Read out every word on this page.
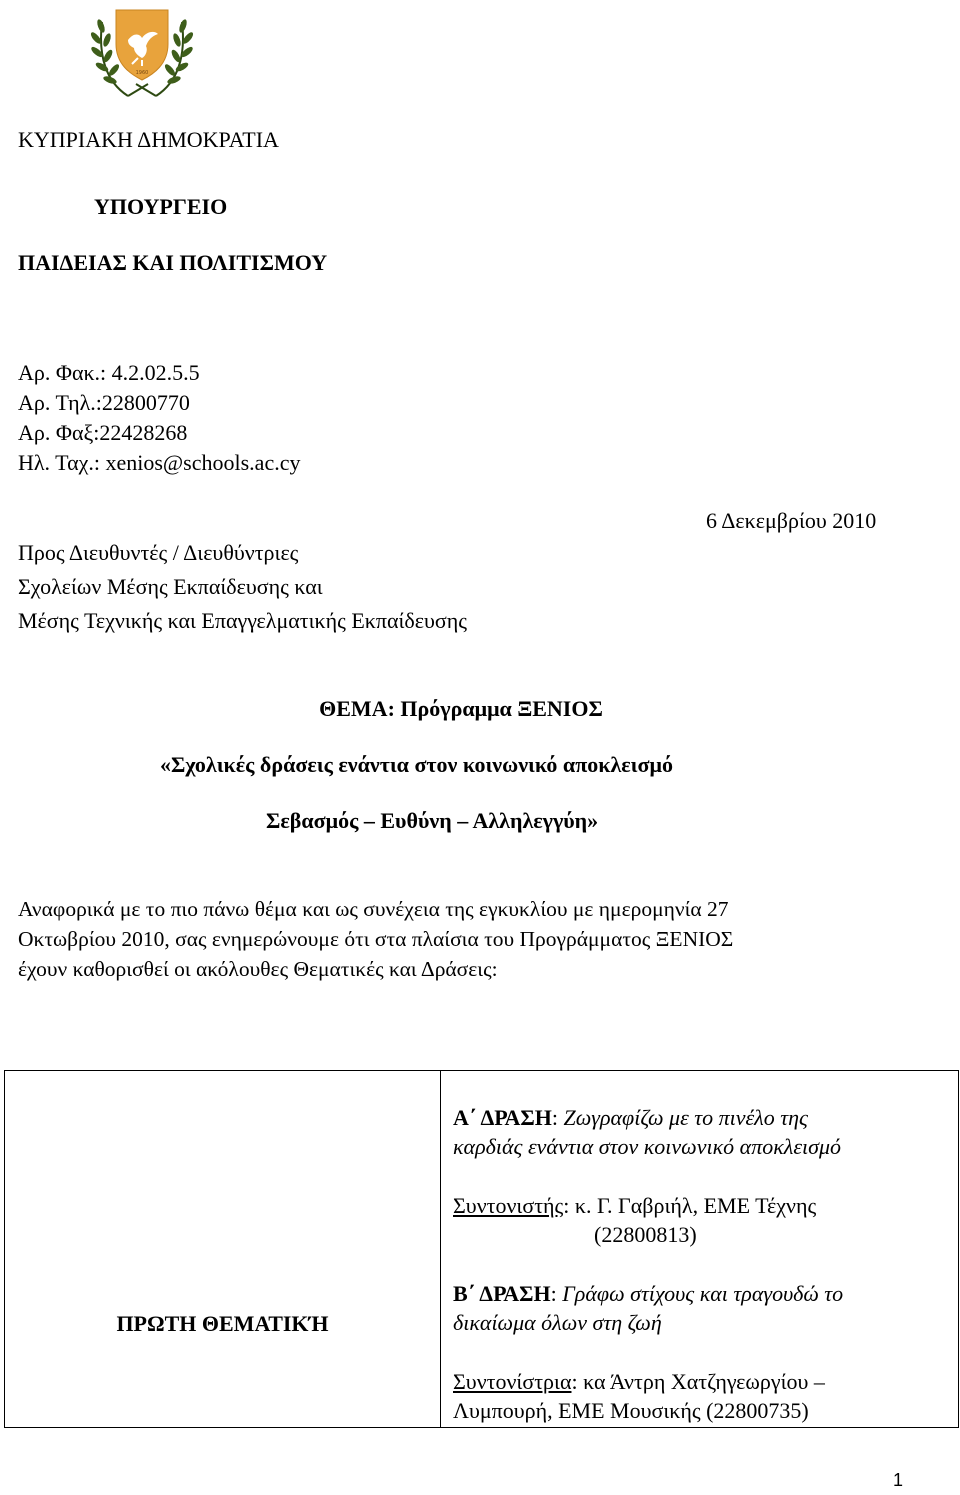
1960
ΚΥΠΡΙΑΚΗ ΔΗΜΟΚΡΑΤΙΑ
ΥΠΟΥΡΓΕΙΟ
ΠΑΙΔΕΙΑΣ ΚΑΙ ΠΟΛΙΤΙΣΜΟΥ
Αρ. Φακ.: 4.2.02.5.5
Αρ. Τηλ.:22800770
Αρ. Φαξ:22428268
Ηλ. Ταχ.: xenios@schools.ac.cy
6 Δεκεμβρίου 2010
Προς Διευθυντές / Διευθύντριες
Σχολείων Μέσης Εκπαίδευσης και
Μέσης Τεχνικής και Επαγγελματικής Εκπαίδευσης
ΘΕΜΑ: Πρόγραμμα ΞΕΝΙΟΣ
«Σχολικές δράσεις ενάντια στον κοινωνικό αποκλεισμό
Σεβασμός – Ευθύνη – Αλληλεγγύη»
Αναφορικά με το πιο πάνω θέμα και ως συνέχεια της εγκυκλίου με ημερομηνία 27
Οκτωβρίου 2010, σας ενημερώνουμε ότι στα πλαίσια του Προγράμματος ΞΕΝΙΟΣ
έχουν καθορισθεί οι ακόλουθες Θεματικές και Δράσεις:
ΠΡΩΤΗ ΘΕΜΑΤΙΚΉ

Α΄ ΔΡΑΣΗ: Ζωγραφίζω με το πινέλο της
καρδιάς ενάντια στον κοινωνικό αποκλεισμό
Συντονιστής: κ. Γ. Γαβριήλ, ΕΜΕ Τέχνης
(22800813)
Β΄ ΔΡΑΣΗ: Γράφω στίχους και τραγουδώ το
δικαίωμα όλων στη ζωή
Συντονίστρια: κα Άντρη Χατζηγεωργίου –
Λυμπουρή, ΕΜΕ Μουσικής (22800735)
1
